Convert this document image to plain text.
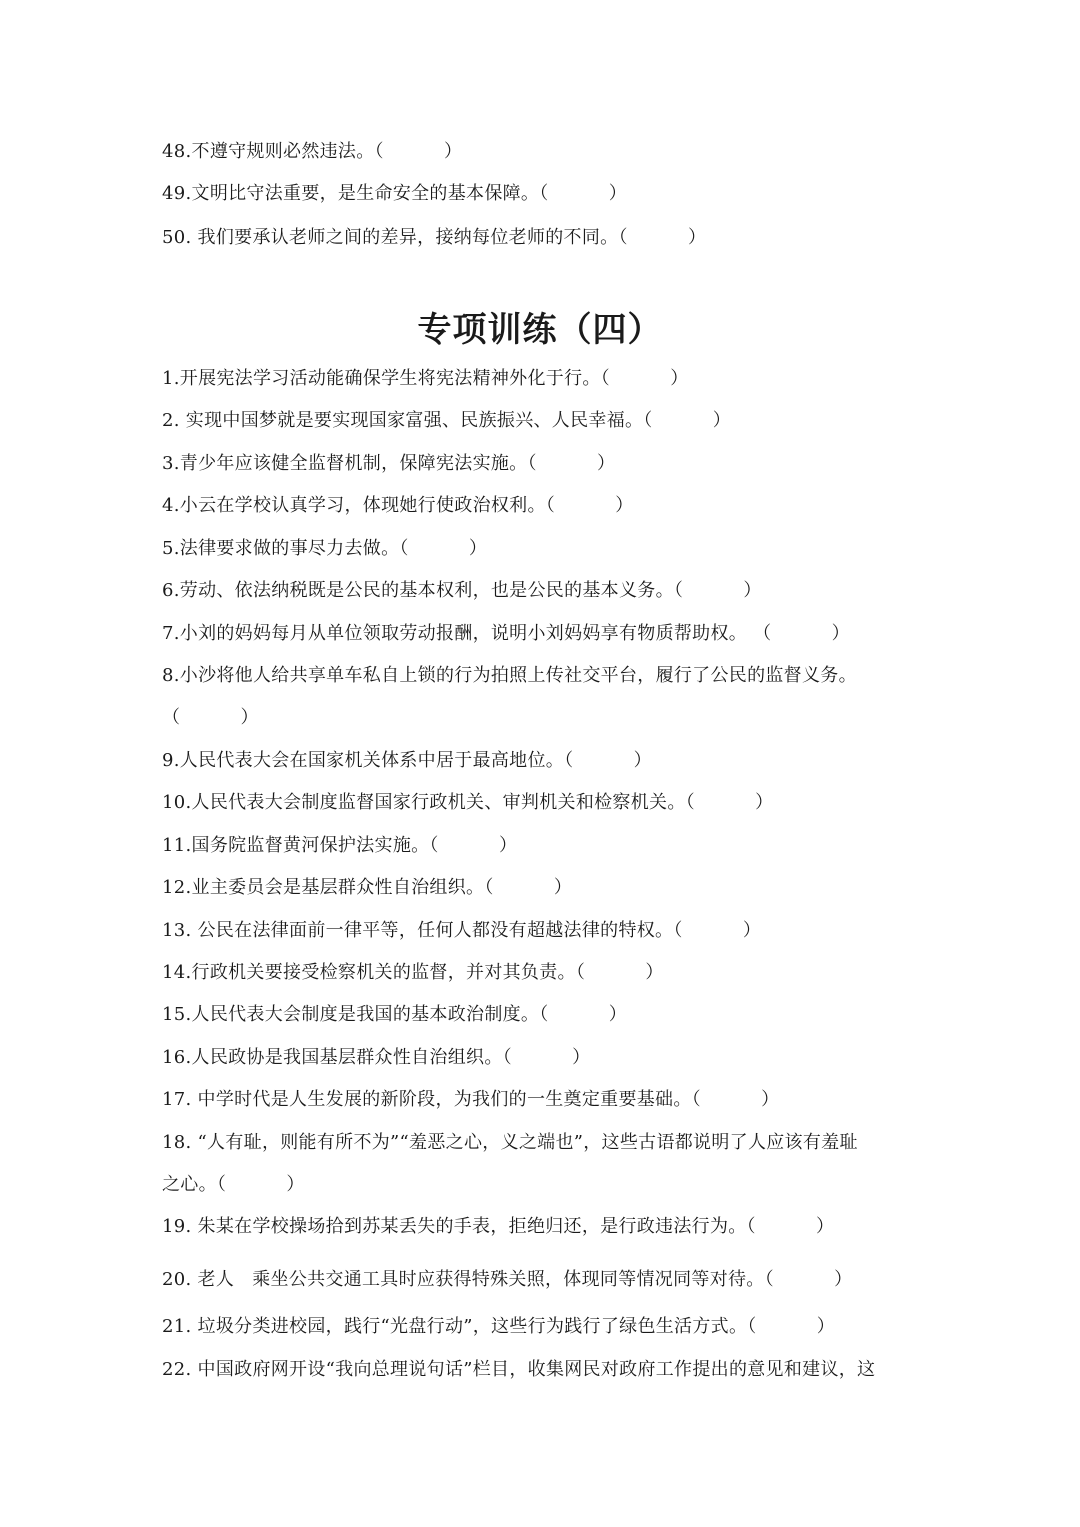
48.不遵守规则必然违法。（          ）
49.文明比守法重要，是生命安全的基本保障。（          ）
50. 我们要承认老师之间的差异，接纳每位老师的不同。（          ）
专项训练（四）
1.开展宪法学习活动能确保学生将宪法精神外化于行。（          ）
2. 实现中国梦就是要实现国家富强、民族振兴、人民幸福。（          ）
3.青少年应该健全监督机制，保障宪法实施。（          ）
4.小云在学校认真学习，体现她行使政治权利。（          ）
5.法律要求做的事尽力去做。（          ）
6.劳动、依法纳税既是公民的基本权利，也是公民的基本义务。（          ）
7.小刘的妈妈每月从单位领取劳动报酬，说明小刘妈妈享有物质帮助权。 （          ）
8.小沙将他人给共享单车私自上锁的行为拍照上传社交平台，履行了公民的监督义务。
（          ）
9.人民代表大会在国家机关体系中居于最高地位。（          ）
10.人民代表大会制度监督国家行政机关、审判机关和检察机关。（          ）
11.国务院监督黄河保护法实施。（          ）
12.业主委员会是基层群众性自治组织。（          ）
13. 公民在法律面前一律平等，任何人都没有超越法律的特权。（          ）
14.行政机关要接受检察机关的监督，并对其负责。（          ）
15.人民代表大会制度是我国的基本政治制度。（          ）
16.人民政协是我国基层群众性自治组织。（          ）
17. 中学时代是人生发展的新阶段，为我们的一生奠定重要基础。（          ）
18. “人有耻，则能有所不为”“羞恶之心，义之端也”，这些古语都说明了人应该有羞耻
之心。（          ）
19. 朱某在学校操场拾到苏某丢失的手表，拒绝归还，是行政违法行为。（          ）
20. 老人   乘坐公共交通工具时应获得特殊关照，体现同等情况同等对待。（          ）
21. 垃圾分类进校园，践行“光盘行动”，这些行为践行了绿色生活方式。（          ）
22. 中国政府网开设“我向总理说句话”栏目，收集网民对政府工作提出的意见和建议，这
